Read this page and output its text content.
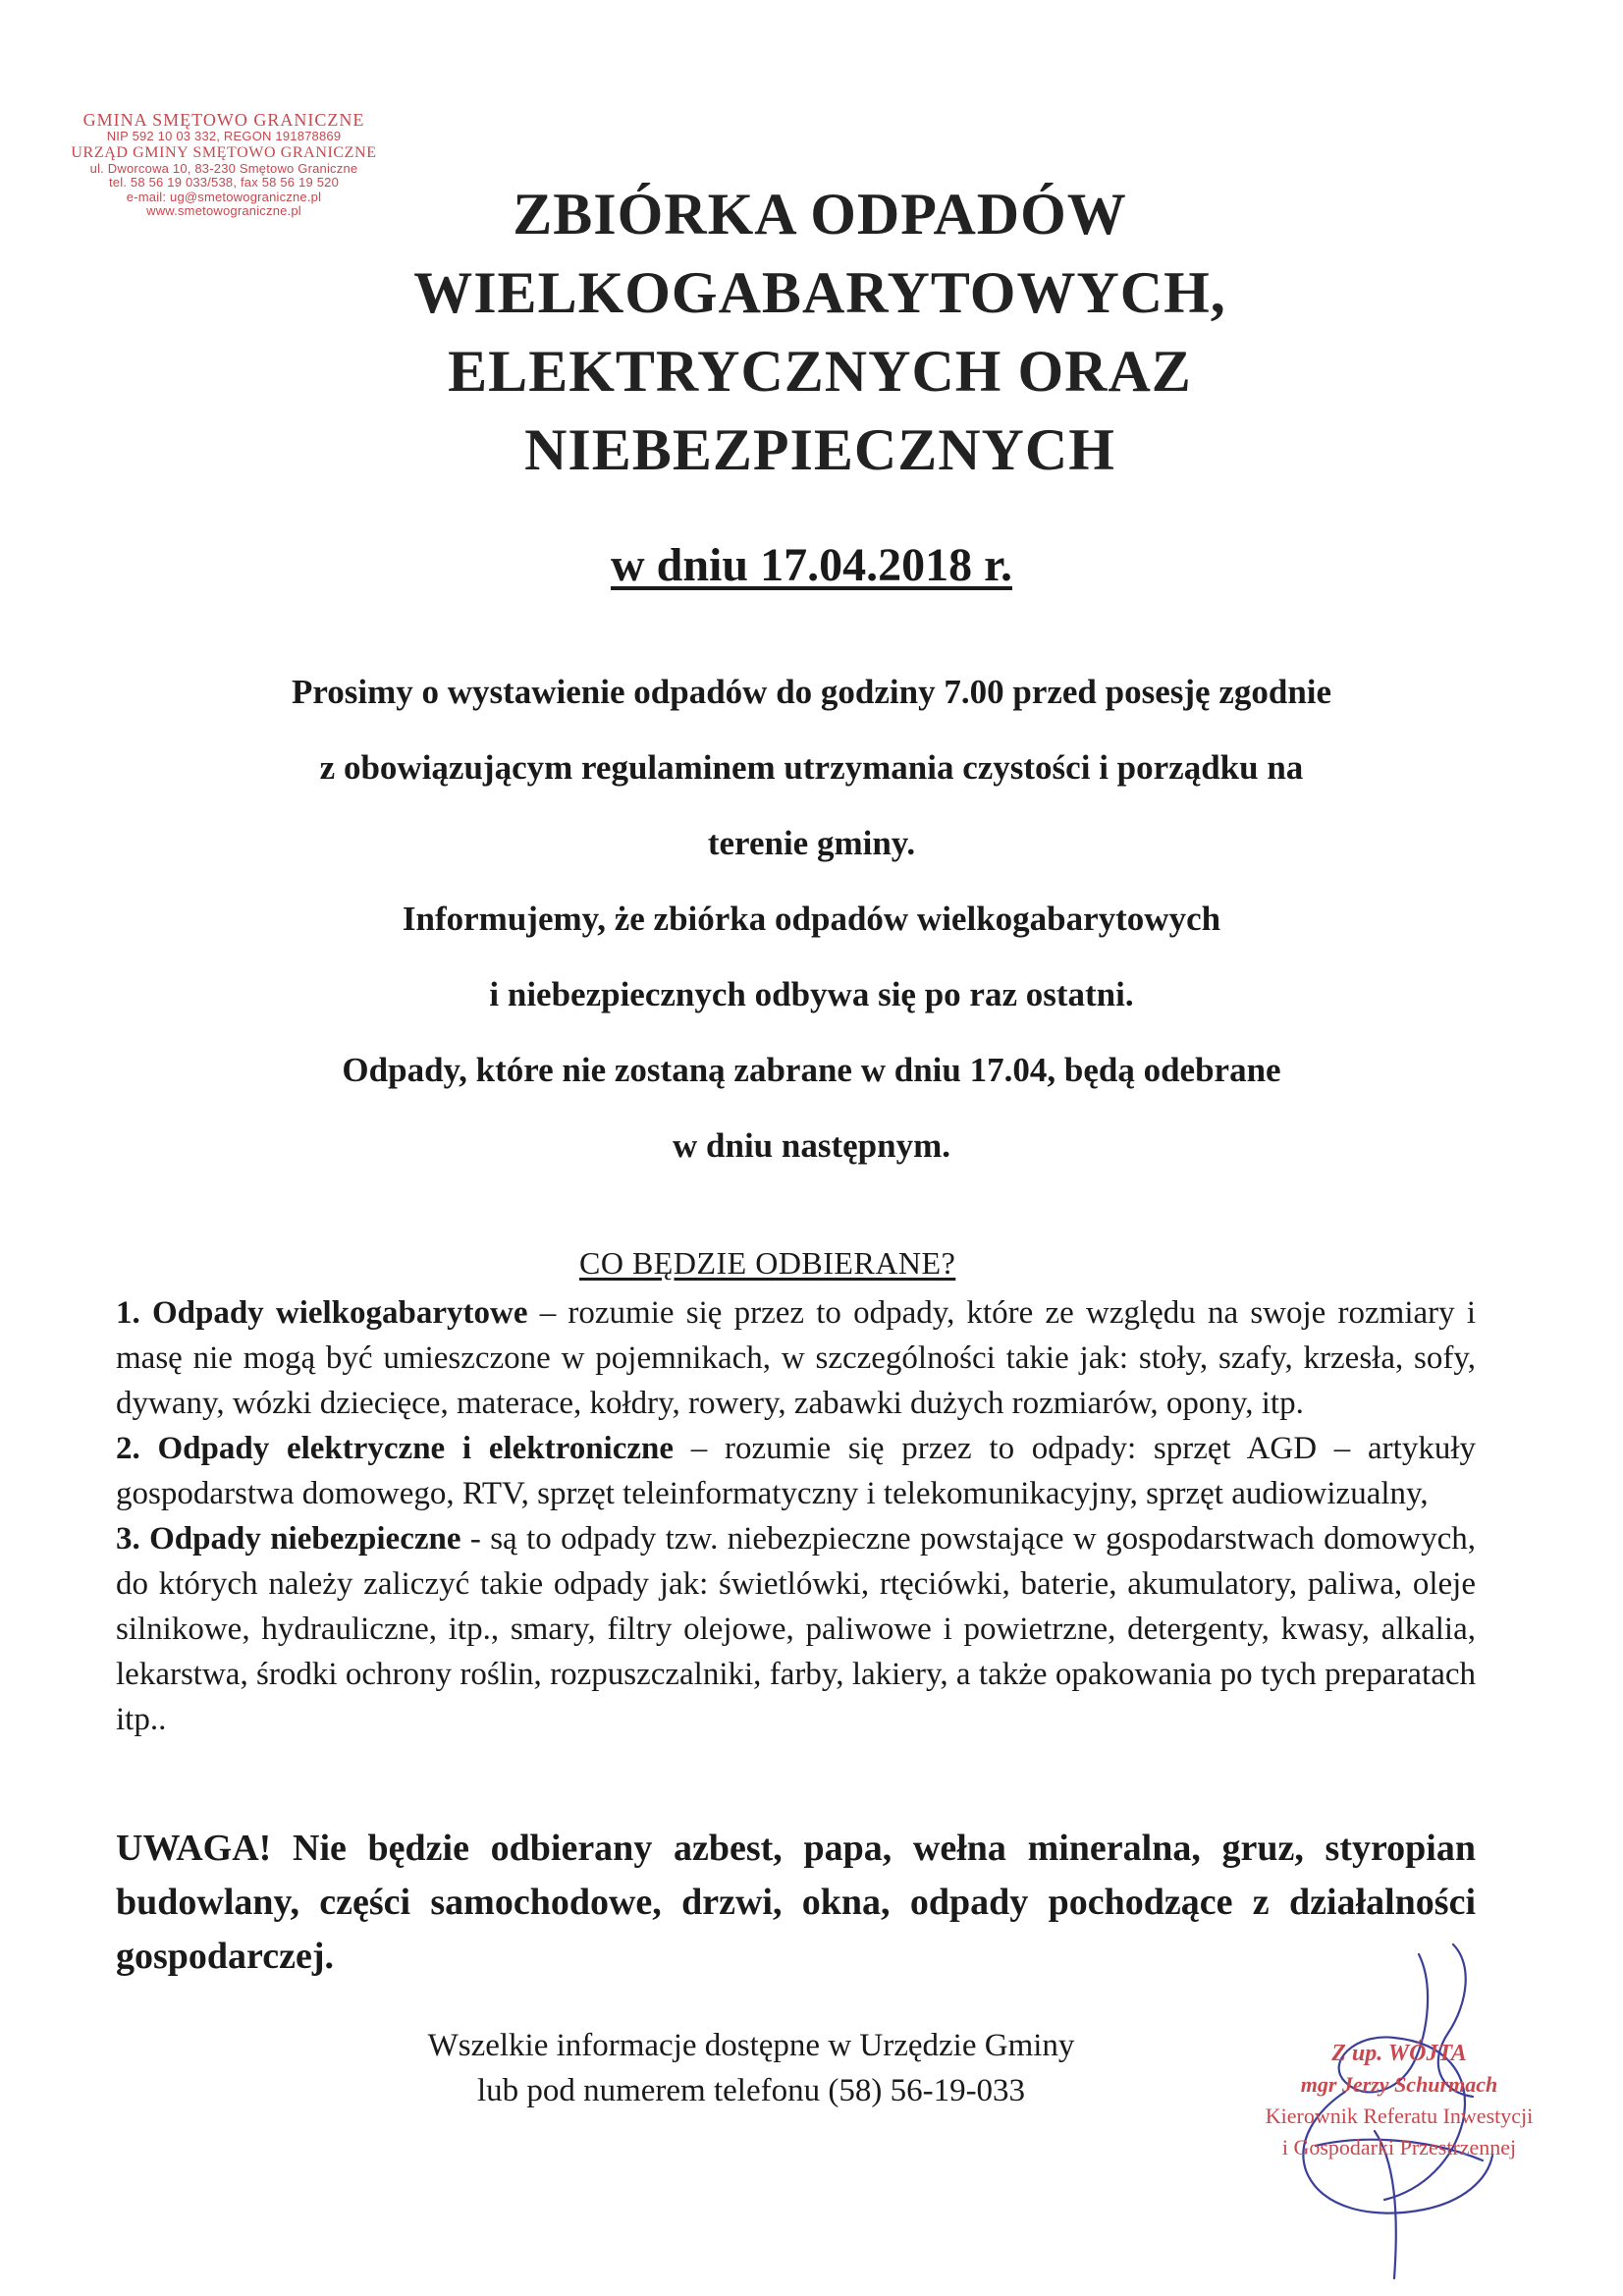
GMINA SMĘTOWO GRANICZNE
NIP 592 10 03 332, REGON 191878869
URZĄD GMINY SMĘTOWO GRANICZNE
ul. Dworcowa 10, 83-230 Smętowo Graniczne
tel. 58 56 19 033/538, fax 58 56 19 520
e-mail: ug@smetowograniczne.pl
www.smetowograniczne.pl	ZBIÓRKA ODPADÓW
WIELKOGABARYTOWYCH,
ELEKTRYCZNYCH ORAZ
NIEBEZPIECZNYCH
w dniu 17.04.2018 r.
Prosimy o wystawienie odpadów do godziny 7.00 przed posesję zgodnie
z obowiązującym regulaminem utrzymania czystości i porządku na
terenie gminy.
Informujemy, że zbiórka odpadów wielkogabarytowych
i niebezpiecznych odbywa się po raz ostatni.
Odpady, które nie zostaną zabrane w dniu 17.04, będą odebrane
w dniu następnym.
CO BĘDZIE ODBIERANE?

1. Odpady wielkogabarytowe – rozumie się przez to odpady, które ze względu na swoje rozmiary i masę nie mogą być umieszczone w pojemnikach, w szczególności takie jak: stoły, szafy, krzesła, sofy, dywany, wózki dziecięce, materace, kołdry, rowery, zabawki dużych rozmiarów, opony, itp.

2. Odpady elektryczne i elektroniczne – rozumie się przez to odpady: sprzęt AGD – artykuły gospodarstwa domowego, RTV, sprzęt teleinformatyczny i telekomunikacyjny, sprzęt audiowizualny,

3. Odpady niebezpieczne - są to odpady tzw. niebezpieczne powstające w gospodarstwach domowych, do których należy zaliczyć takie odpady jak: świetlówki, rtęciówki, baterie, akumulatory, paliwa, oleje silnikowe, hydrauliczne, itp., smary, filtry olejowe, paliwowe i powietrzne, detergenty, kwasy, alkalia, lekarstwa, środki ochrony roślin, rozpuszczalniki, farby, lakiery, a także opakowania po tych preparatach itp..

UWAGA! Nie będzie odbierany azbest, papa, wełna mineralna, gruz, styropian budowlany, części samochodowe, drzwi, okna, odpady pochodzące z działalności gospodarczej.
Wszelkie informacje dostępne w Urzędzie Gminy
lub pod numerem telefonu (58) 56-19-033
Z up. WÓJTA
mgr Jerzy Schurmach
Kierownik Referatu Inwestycji
i Gospodarki Przestrzennej
